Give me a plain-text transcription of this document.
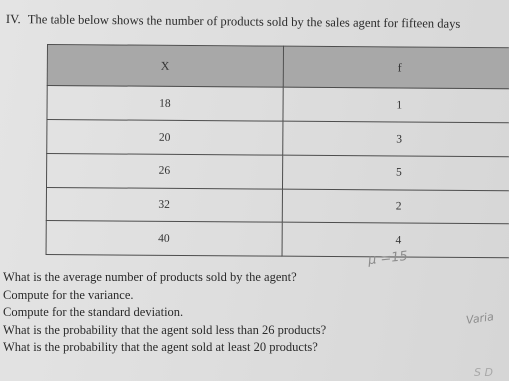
IV. The table below shows the number of products sold by the sales agent for fifteen days
X	f
18	1
20	3
26	5
32	2
40	4
μ =15
Varia
S D
What is the average number of products sold by the agent?
Compute for the variance.
Compute for the standard deviation.
What is the probability that the agent sold less than 26 products?
What is the probability that the agent sold at least 20 products?
